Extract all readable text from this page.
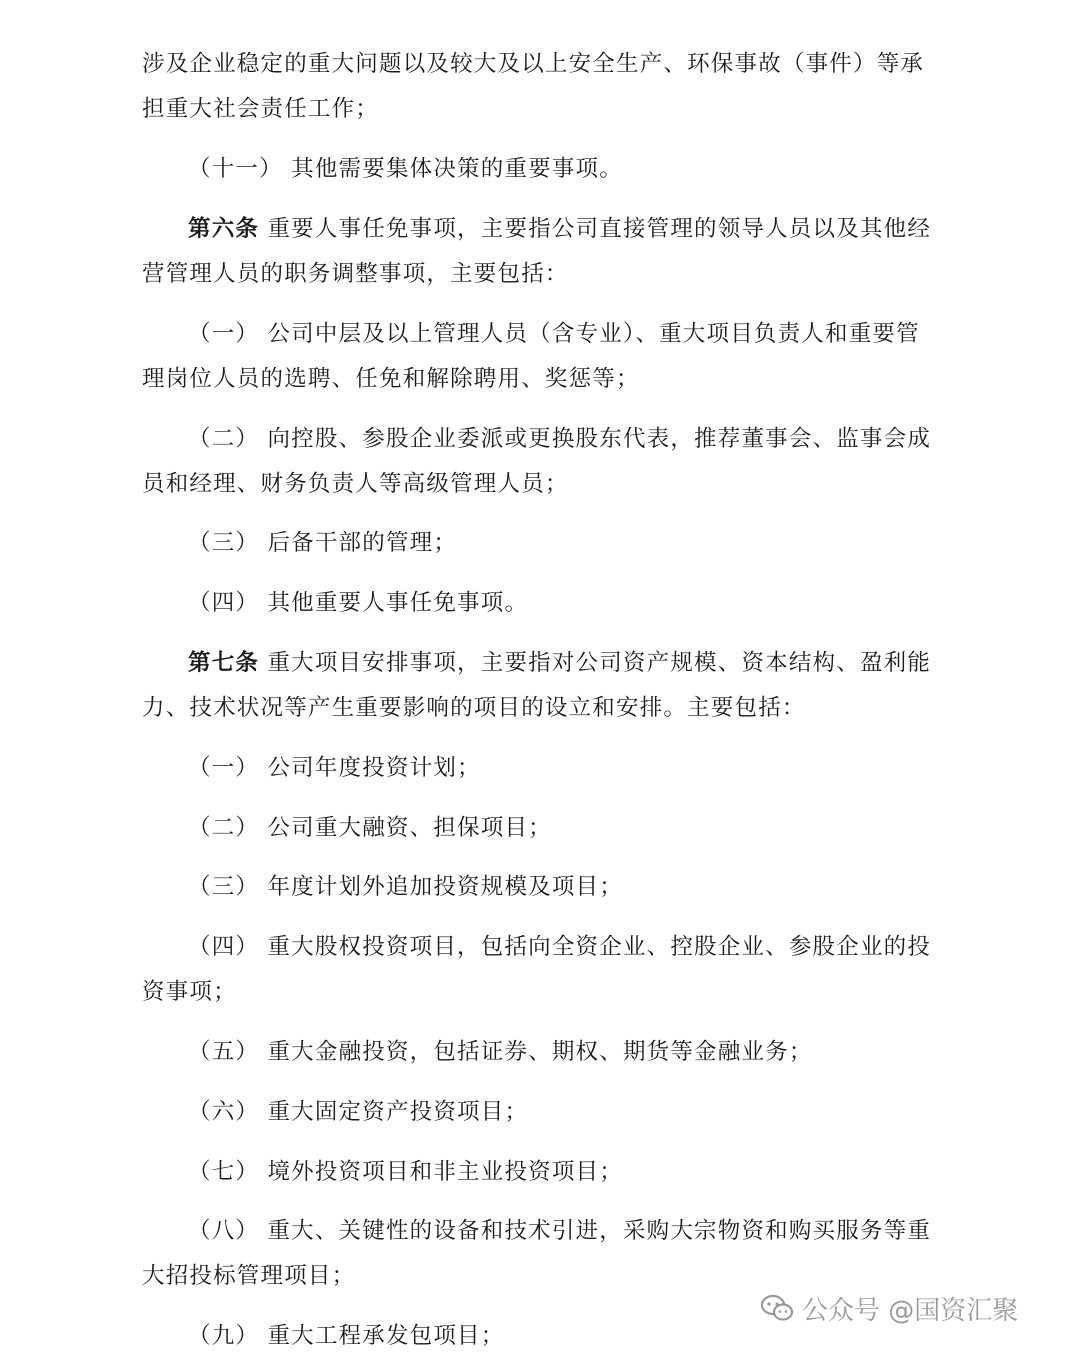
涉及企业稳定的重大问题以及较大及以上安全生产、环保事故（事件）等承担重大社会责任工作；

（十一） 其他需要集体决策的重要事项。

第六条 重要人事任免事项，主要指公司直接管理的领导人员以及其他经营管理人员的职务调整事项，主要包括：

（一） 公司中层及以上管理人员（含专业）、重大项目负责人和重要管理岗位人员的选聘、任免和解除聘用、奖惩等；

（二） 向控股、参股企业委派或更换股东代表，推荐董事会、监事会成员和经理、财务负责人等高级管理人员；

（三） 后备干部的管理；

（四） 其他重要人事任免事项。

第七条 重大项目安排事项，主要指对公司资产规模、资本结构、盈利能力、技术状况等产生重要影响的项目的设立和安排。主要包括：

（一） 公司年度投资计划；

（二） 公司重大融资、担保项目；

（三） 年度计划外追加投资规模及项目；

（四） 重大股权投资项目，包括向全资企业、控股企业、参股企业的投资事项；

（五） 重大金融投资，包括证券、期权、期货等金融业务；

（六） 重大固定资产投资项目；

（七） 境外投资项目和非主业投资项目；

（八） 重大、关键性的设备和技术引进，采购大宗物资和购买服务等重大招投标管理项目；

（九） 重大工程承发包项目；

公众号 @国资汇聚
